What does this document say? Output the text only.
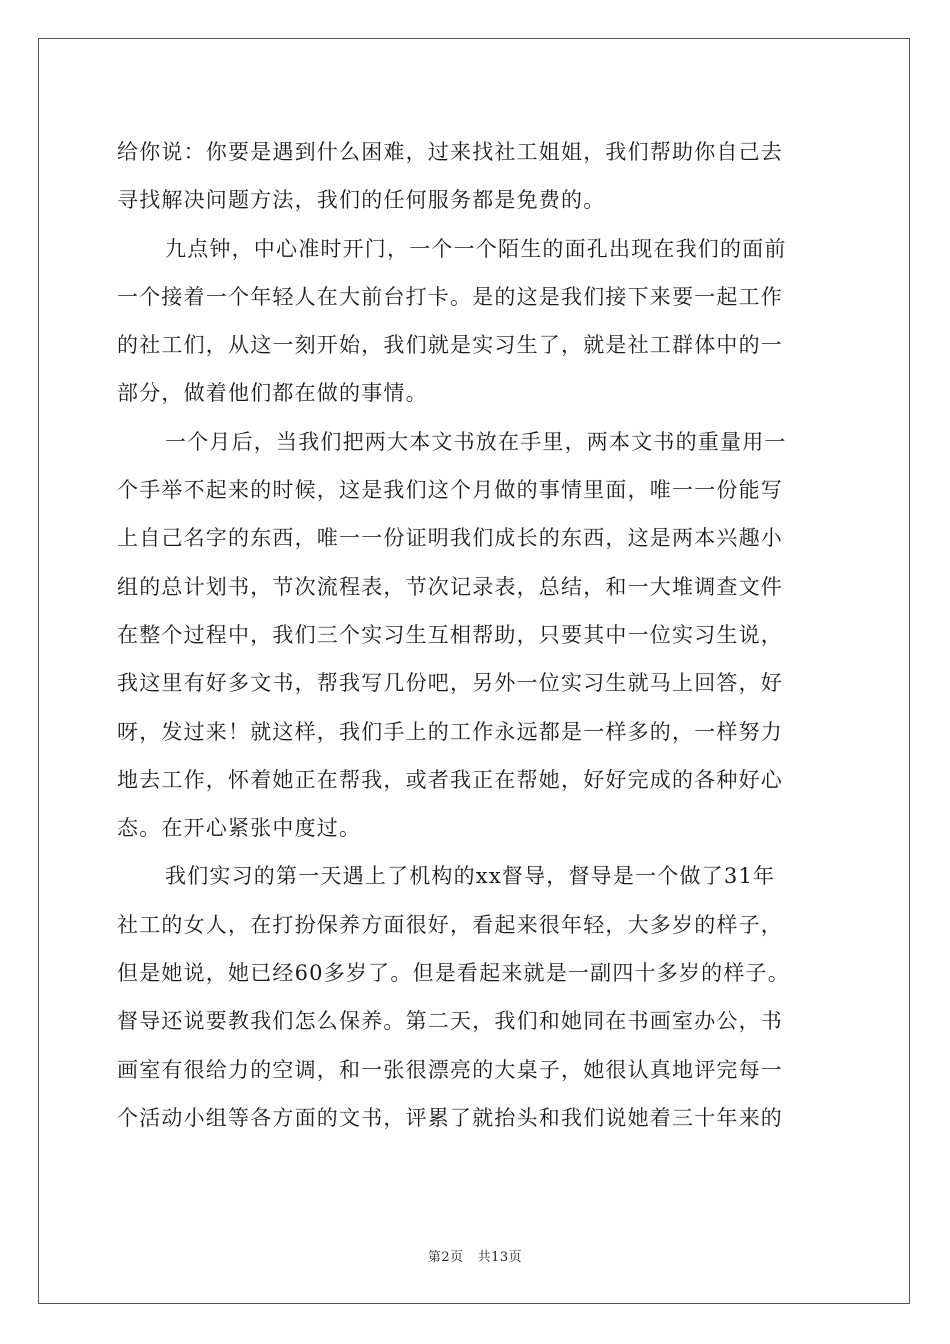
给你说：你要是遇到什么困难，过来找社工姐姐，我们帮助你自己去
寻找解决问题方法，我们的任何服务都是免费的。
九点钟，中心准时开门，一个一个陌生的面孔出现在我们的面前
一个接着一个年轻人在大前台打卡。是的这是我们接下来要一起工作
的社工们，从这一刻开始，我们就是实习生了，就是社工群体中的一
部分，做着他们都在做的事情。
一个月后，当我们把两大本文书放在手里，两本文书的重量用一
个手举不起来的时候，这是我们这个月做的事情里面，唯一一份能写
上自己名字的东西，唯一一份证明我们成长的东西，这是两本兴趣小
组的总计划书，节次流程表，节次记录表，总结，和一大堆调查文件
在整个过程中，我们三个实习生互相帮助，只要其中一位实习生说，
我这里有好多文书，帮我写几份吧，另外一位实习生就马上回答，好
呀，发过来！就这样，我们手上的工作永远都是一样多的，一样努力
地去工作，怀着她正在帮我，或者我正在帮她，好好完成的各种好心
态。在开心紧张中度过。
我们实习的第一天遇上了机构的xx督导，督导是一个做了31年
社工的女人，在打扮保养方面很好，看起来很年轻，大多岁的样子，
但是她说，她已经60多岁了。但是看起来就是一副四十多岁的样子。
督导还说要教我们怎么保养。第二天，我们和她同在书画室办公，书
画室有很给力的空调，和一张很漂亮的大桌子，她很认真地评完每一
个活动小组等各方面的文书，评累了就抬头和我们说她着三十年来的
第2页 共13页
